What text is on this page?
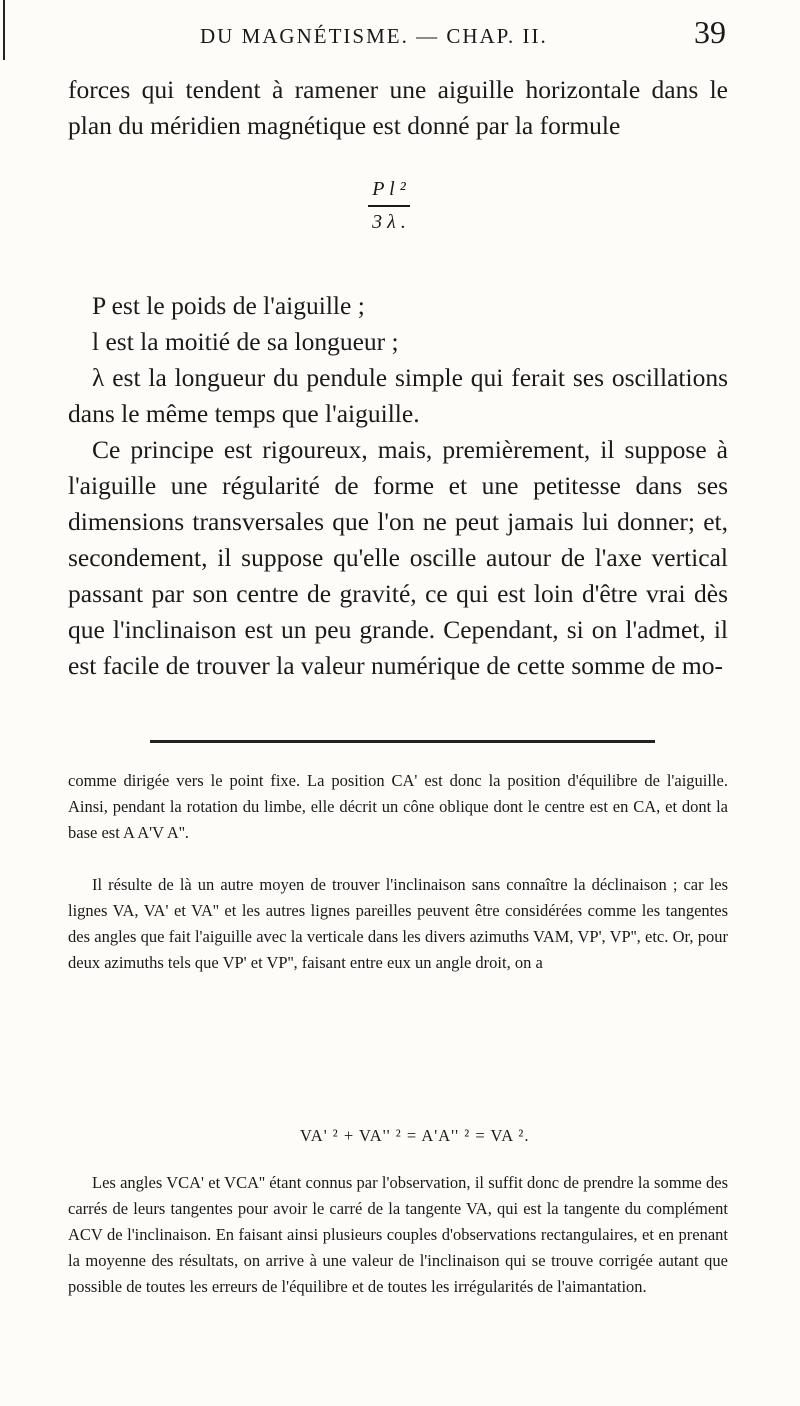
DU MAGNÉTISME. — CHAP. II.	39

forces qui tendent à ramener une aiguille horizontale dans le plan du méridien magnétique est donné par la formule

P l ²
3 λ .

P est le poids de l'aiguille ;

l est la moitié de sa longueur ;

λ est la longueur du pendule simple qui ferait ses oscillations dans le même temps que l'aiguille.

Ce principe est rigoureux, mais, premièrement, il suppose à l'aiguille une régularité de forme et une petitesse dans ses dimensions transversales que l'on ne peut jamais lui donner; et, secondement, il suppose qu'elle oscille autour de l'axe vertical passant par son centre de gravité, ce qui est loin d'être vrai dès que l'inclinaison est un peu grande. Cependant, si on l'admet, il est facile de trouver la valeur numérique de cette somme de mo-

comme dirigée vers le point fixe. La position CA' est donc la position d'équilibre de l'aiguille. Ainsi, pendant la rotation du limbe, elle décrit un cône oblique dont le centre est en CA, et dont la base est A A'V A''.

Il résulte de là un autre moyen de trouver l'inclinaison sans connaître la déclinaison ; car les lignes VA, VA' et VA'' et les autres lignes pareilles peuvent être considérées comme les tangentes des angles que fait l'aiguille avec la verticale dans les divers azimuths VAM, VP', VP'', etc. Or, pour deux azimuths tels que VP' et VP'', faisant entre eux un angle droit, on a

VA' ² + VA'' ² = A'A'' ² = VA ².

Les angles VCA' et VCA'' étant connus par l'observation, il suffit donc de prendre la somme des carrés de leurs tangentes pour avoir le carré de la tangente VA, qui est la tangente du complément ACV de l'inclinaison. En faisant ainsi plusieurs couples d'observations rectangulaires, et en prenant la moyenne des résultats, on arrive à une valeur de l'inclinaison qui se trouve corrigée autant que possible de toutes les erreurs de l'équilibre et de toutes les irrégularités de l'aimantation.
